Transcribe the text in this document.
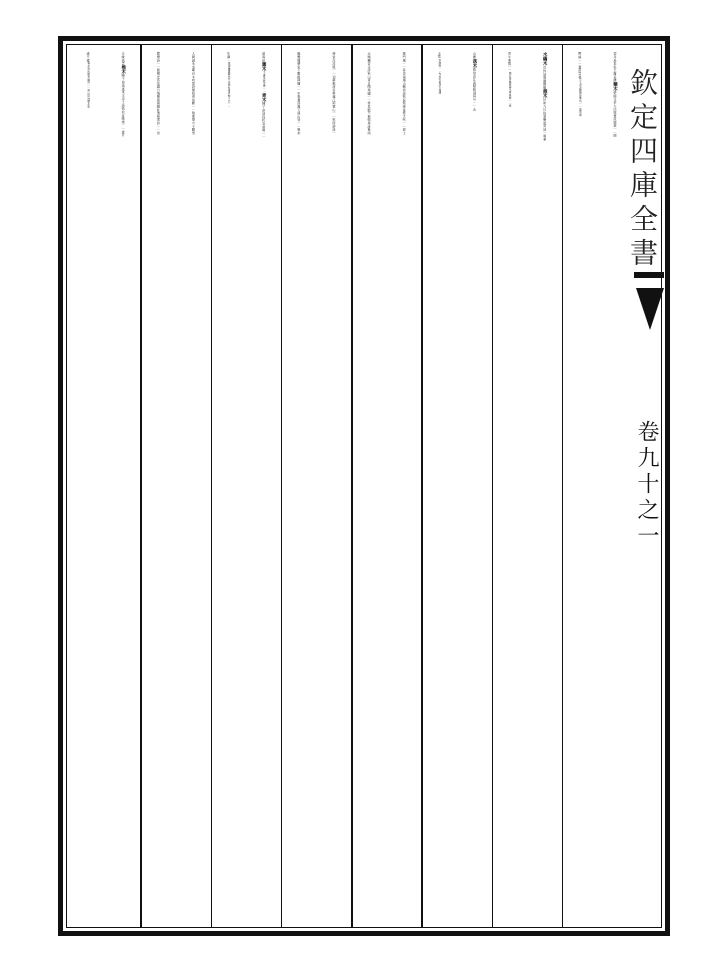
欽定四庫全書
卷九十之一
契丹烏表色玉露呈瀼
藥木
梁簡文帝大法頌慧流總被｜｜開
野絲｜｜嘉苗貫桑
芷又重請御講啓豫均｜｜誠同器
水嶠木
沈約詩歲嚴摧磴
雒木
任昉九日侍宴樂遊苑詩一唱華
草午寒散｜｜
鍾石再撫被絲笙黄草歸｜｜梯
山薦
落木
庾信哀江南賦辭洞庭兮｜｜去
玉
禁
雲即雨｜｜先秋杜甫詩古城疎
塞門風｜｜客舍雨連山鮑溶詩秋窓照疎螢寒犬吠｜｜郎士
元題精舍寺詩秋山竟日聞猿嘯｜｜寒泉聽不窮喻鳧詩暮雨
啼螢次凉風｜｜初蘇軾詩雲夢連江雨樊山｜｜秋陸游詩一
編蠹簡晴窓下數捲疎籬｜｜中張翥詩露下遠山皆｜｜風来
滄海欲
圖木
王褒吳厥寺碑｜｜
衆木
陳子昂詩孤松宜歲晚｜｜
生潮
｜緑錦雕楹磐密
愛芳春杜甫詩梔子比｜｜
人間誠未多鄭谷木向禁詩園林青氣動｜｜散寒聲方千贈雪
竇僧詩｜｜隨僧光髙泉盡日飛陳與義題許道寧畫詩｜｜但
合晚孤雲
樵木
陳子昂送東萊王學士詩孤松宜晚歲｜｜愛芳
遂不還
春孟浩然與老圃詩｜｜南山近林間北郭
